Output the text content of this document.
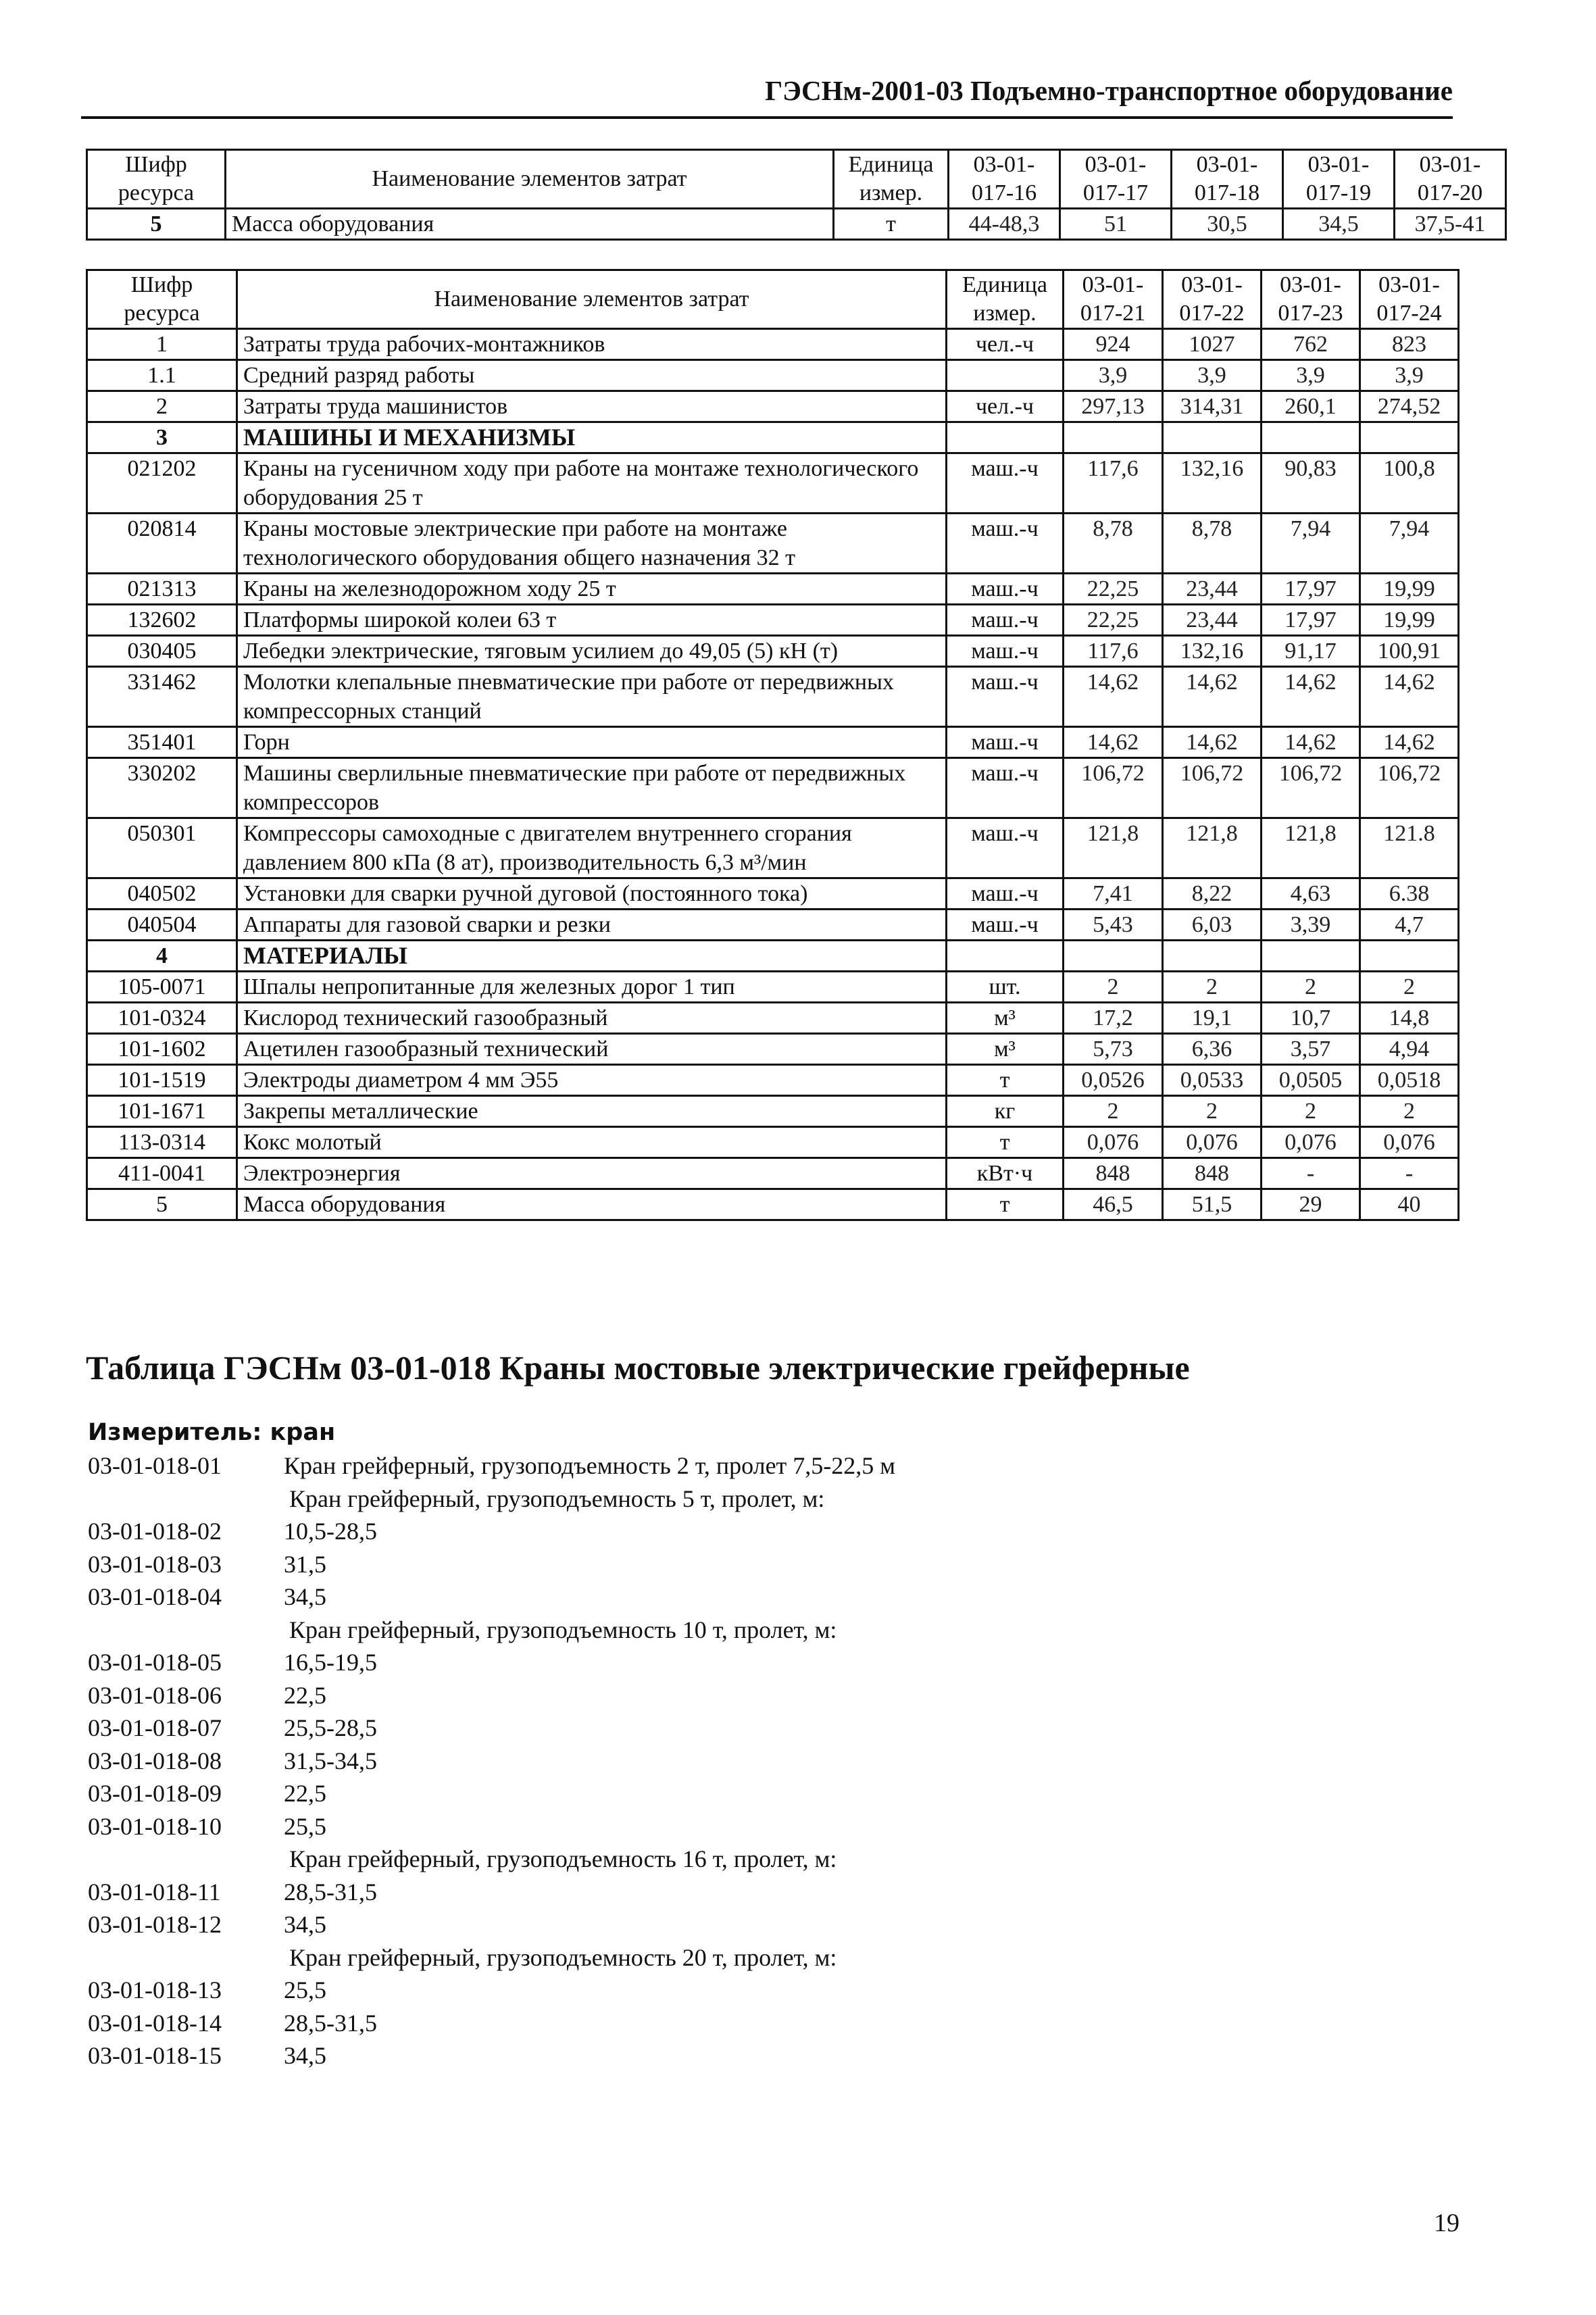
ГЭСНм-2001-03 Подъемно-транспортное оборудование
Шифр ресурса	Наименование элементов затрат	Единица измер.	03-01-017-16	03-01-017-17	03-01-017-18	03-01-017-19	03-01-017-20
5	Масса оборудования	т	44-48,3	51	30,5	34,5	37,5-41
Шифр ресурса	Наименование элементов затрат	Единица измер.	03-01-017-21	03-01-017-22	03-01-017-23	03-01-017-24
1	Затраты труда рабочих-монтажников	чел.-ч	924	1027	762	823
1.1	Средний разряд работы		3,9	3,9	3,9	3,9
2	Затраты труда машинистов	чел.-ч	297,13	314,31	260,1	274,52
3	МАШИНЫ И МЕХАНИЗМЫ					
021202	Краны на гусеничном ходу при работе на монтаже технологического оборудования 25 т	маш.-ч	117,6	132,16	90,83	100,8
020814	Краны мостовые электрические при работе на монтаже технологического оборудования общего назначения 32 т	маш.-ч	8,78	8,78	7,94	7,94
021313	Краны на железнодорожном ходу 25 т	маш.-ч	22,25	23,44	17,97	19,99
132602	Платформы широкой колеи 63 т	маш.-ч	22,25	23,44	17,97	19,99
030405	Лебедки электрические, тяговым усилием до 49,05 (5) кН (т)	маш.-ч	117,6	132,16	91,17	100,91
331462	Молотки клепальные пневматические при работе от передвижных компрессорных станций	маш.-ч	14,62	14,62	14,62	14,62
351401	Горн	маш.-ч	14,62	14,62	14,62	14,62
330202	Машины сверлильные пневматические при работе от передвижных компрессоров	маш.-ч	106,72	106,72	106,72	106,72
050301	Компрессоры самоходные с двигателем внутреннего сгорания давлением 800 кПа (8 ат), производительность 6,3 м³/мин	маш.-ч	121,8	121,8	121,8	121.8
040502	Установки для сварки ручной дуговой (постоянного тока)	маш.-ч	7,41	8,22	4,63	6.38
040504	Аппараты для газовой сварки и резки	маш.-ч	5,43	6,03	3,39	4,7
4	МАТЕРИАЛЫ					
105-0071	Шпалы непропитанные для железных дорог 1 тип	шт.	2	2	2	2
101-0324	Кислород технический газообразный	м³	17,2	19,1	10,7	14,8
101-1602	Ацетилен газообразный технический	м³	5,73	6,36	3,57	4,94
101-1519	Электроды диаметром 4 мм Э55	т	0,0526	0,0533	0,0505	0,0518
101-1671	Закрепы металлические	кг	2	2	2	2
113-0314	Кокс молотый	т	0,076	0,076	0,076	0,076
411-0041	Электроэнергия	кВт·ч	848	848	-	-
5	Масса оборудования	т	46,5	51,5	29	40
Таблица ГЭСНм 03-01-018 Краны мостовые электрические грейферные
Измеритель: кран
03-01-018-01	Кран грейферный, грузоподъемность 2 т, пролет 7,5-22,5 м
Кран грейферный, грузоподъемность 5 т, пролет, м:
03-01-018-02	10,5-28,5
03-01-018-03	31,5
03-01-018-04	34,5
Кран грейферный, грузоподъемность 10 т, пролет, м:
03-01-018-05	16,5-19,5
03-01-018-06	22,5
03-01-018-07	25,5-28,5
03-01-018-08	31,5-34,5
03-01-018-09	22,5
03-01-018-10	25,5
Кран грейферный, грузоподъемность 16 т, пролет, м:
03-01-018-11	28,5-31,5
03-01-018-12	34,5
Кран грейферный, грузоподъемность 20 т, пролет, м:
03-01-018-13	25,5
03-01-018-14	28,5-31,5
03-01-018-15	34,5
19
